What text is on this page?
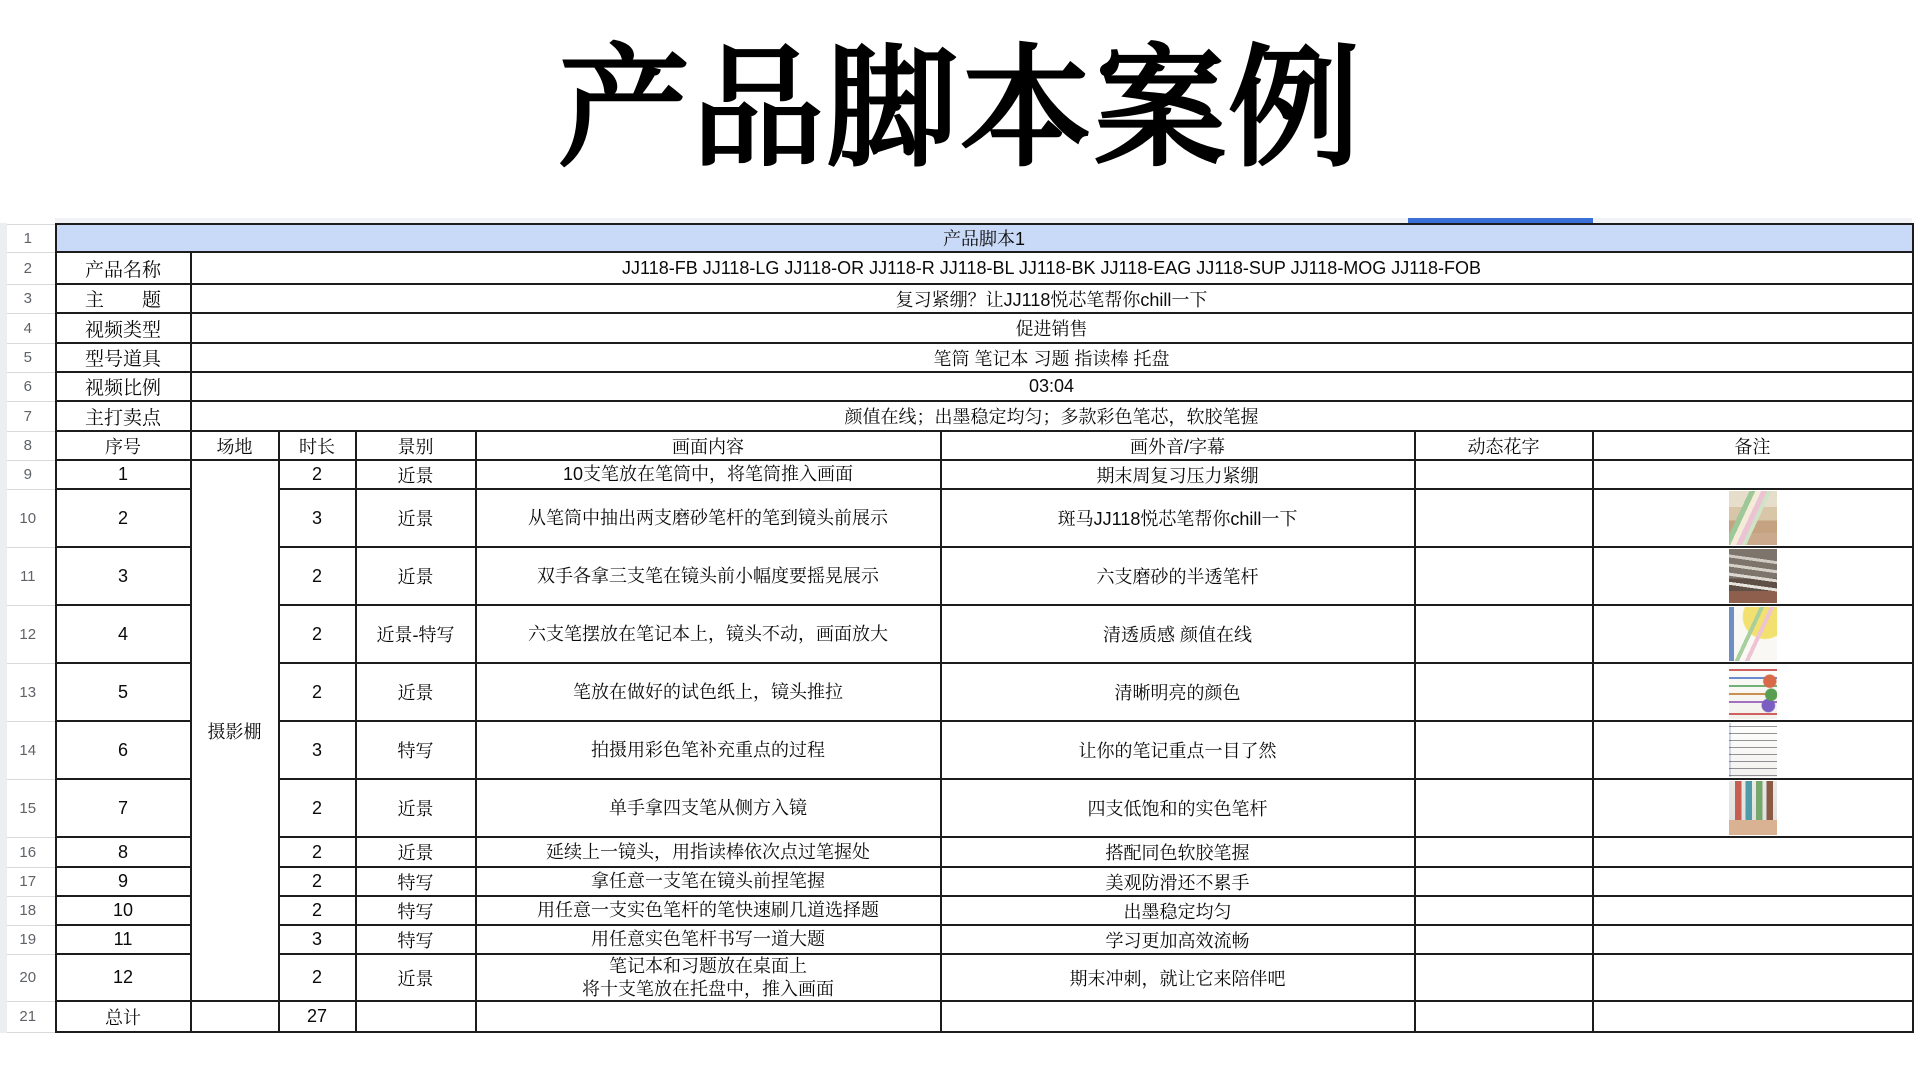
产品脚本案例
1	产品脚本1							
2	产品名称	JJ118-FB JJ118-LG JJ118-OR JJ118-R JJ118-BL JJ118-BK JJ118-EAG JJ118-SUP JJ118-MOG JJ118-FOB						
3	主　　题	复习紧绷？让JJ118悦芯笔帮你chill一下						
4	视频类型	促进销售						
5	型号道具	笔筒 笔记本 习题 指读棒 托盘						
6	视频比例	03:04						
7	主打卖点	颜值在线；出墨稳定均匀；多款彩色笔芯，软胶笔握						
8	序号	场地	时长	景别	画面内容	画外音/字幕	动态花字	备注
9	1	摄影棚	2	近景	10支笔放在笔筒中，将笔筒推入画面	期末周复习压力紧绷		
10	2		3	近景	从笔筒中抽出两支磨砂笔杆的笔到镜头前展示	斑马JJ118悦芯笔帮你chill一下		

11	3		2	近景	双手各拿三支笔在镜头前小幅度要摇晃展示	六支磨砂的半透笔杆		

12	4		2	近景-特写	六支笔摆放在笔记本上，镜头不动，画面放大	清透质感 颜值在线		

13	5		2	近景	笔放在做好的试色纸上，镜头推拉	清晰明亮的颜色		

14	6		3	特写	拍摄用彩色笔补充重点的过程	让你的笔记重点一目了然		

15	7		2	近景	单手拿四支笔从侧方入镜	四支低饱和的实色笔杆		

16	8		2	近景	延续上一镜头，用指读棒依次点过笔握处	搭配同色软胶笔握		
17	9		2	特写	拿任意一支笔在镜头前捏笔握	美观防滑还不累手		
18	10		2	特写	用任意一支实色笔杆的笔快速刷几道选择题	出墨稳定均匀		
19	11		3	特写	用任意实色笔杆书写一道大题	学习更加高效流畅		
20	12		2	近景	笔记本和习题放在桌面上
将十支笔放在托盘中，推入画面	期末冲刺，就让它来陪伴吧		
21	总计		27					
